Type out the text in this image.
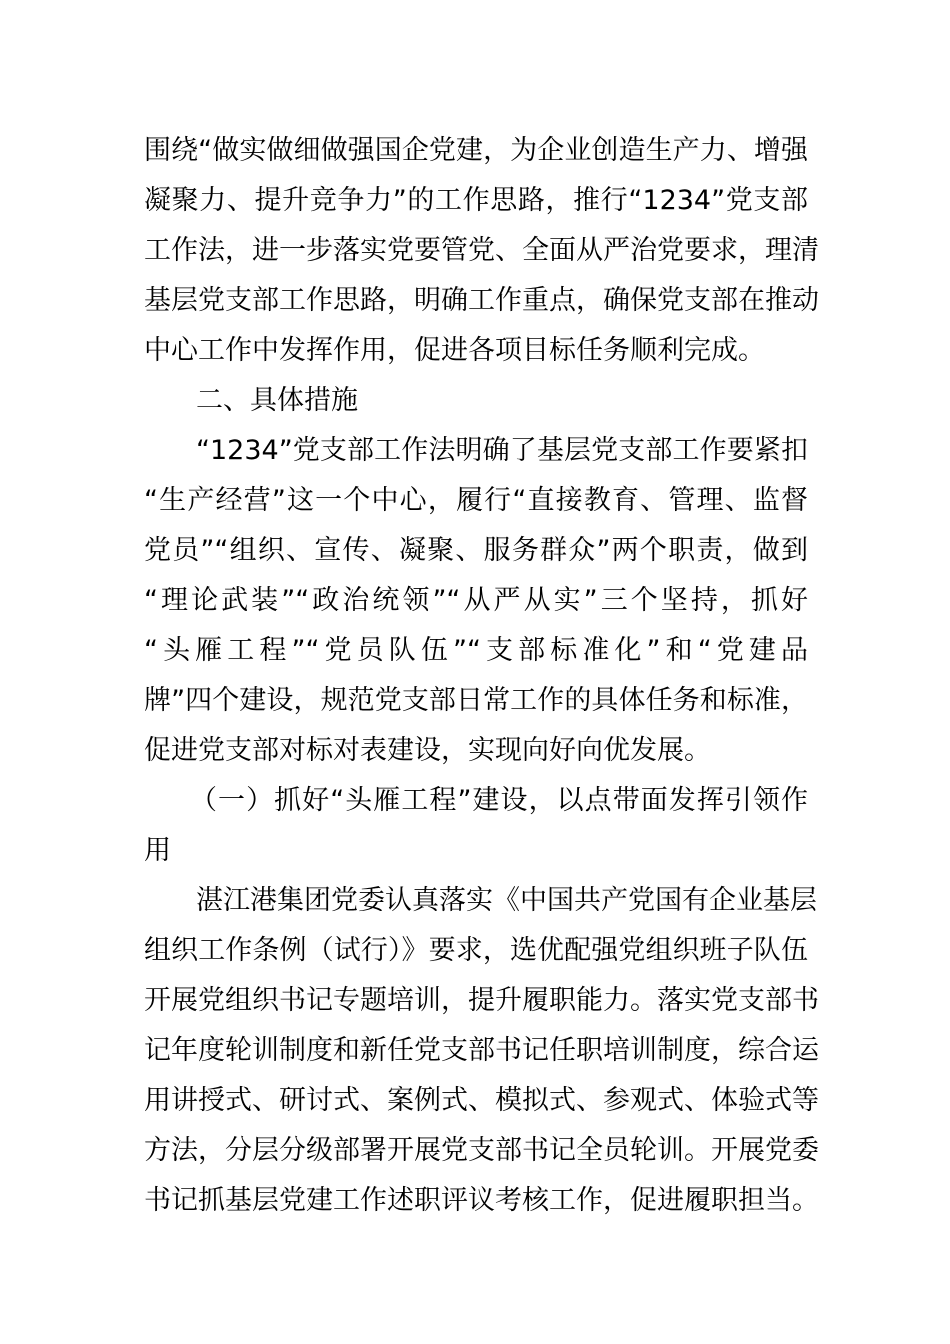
围绕“做实做细做强国企党建，为企业创造生产力、增强
凝聚力、提升竞争力”的工作思路，推行“1234”党支部
工作法，进一步落实党要管党、全面从严治党要求，理清
基层党支部工作思路，明确工作重点，确保党支部在推动
中心工作中发挥作用，促进各项目标任务顺利完成。
二、具体措施
“1234”党支部工作法明确了基层党支部工作要紧扣
“生产经营”这一个中心，履行“直接教育、管理、监督
党员”“组织、宣传、凝聚、服务群众”两个职责，做到
“理论武装”“政治统领”“从严从实”三个坚持，抓好
“头雁工程”“党员队伍”“支部标准化”和“党建品
牌”四个建设，规范党支部日常工作的具体任务和标准，
促进党支部对标对表建设，实现向好向优发展。
（一）抓好“头雁工程”建设，以点带面发挥引领作
用
湛江港集团党委认真落实《中国共产党国有企业基层
组织工作条例（试行）》要求，选优配强党组织班子队伍
开展党组织书记专题培训，提升履职能力。落实党支部书
记年度轮训制度和新任党支部书记任职培训制度，综合运
用讲授式、研讨式、案例式、模拟式、参观式、体验式等
方法，分层分级部署开展党支部书记全员轮训。开展党委
书记抓基层党建工作述职评议考核工作，促进履职担当。
